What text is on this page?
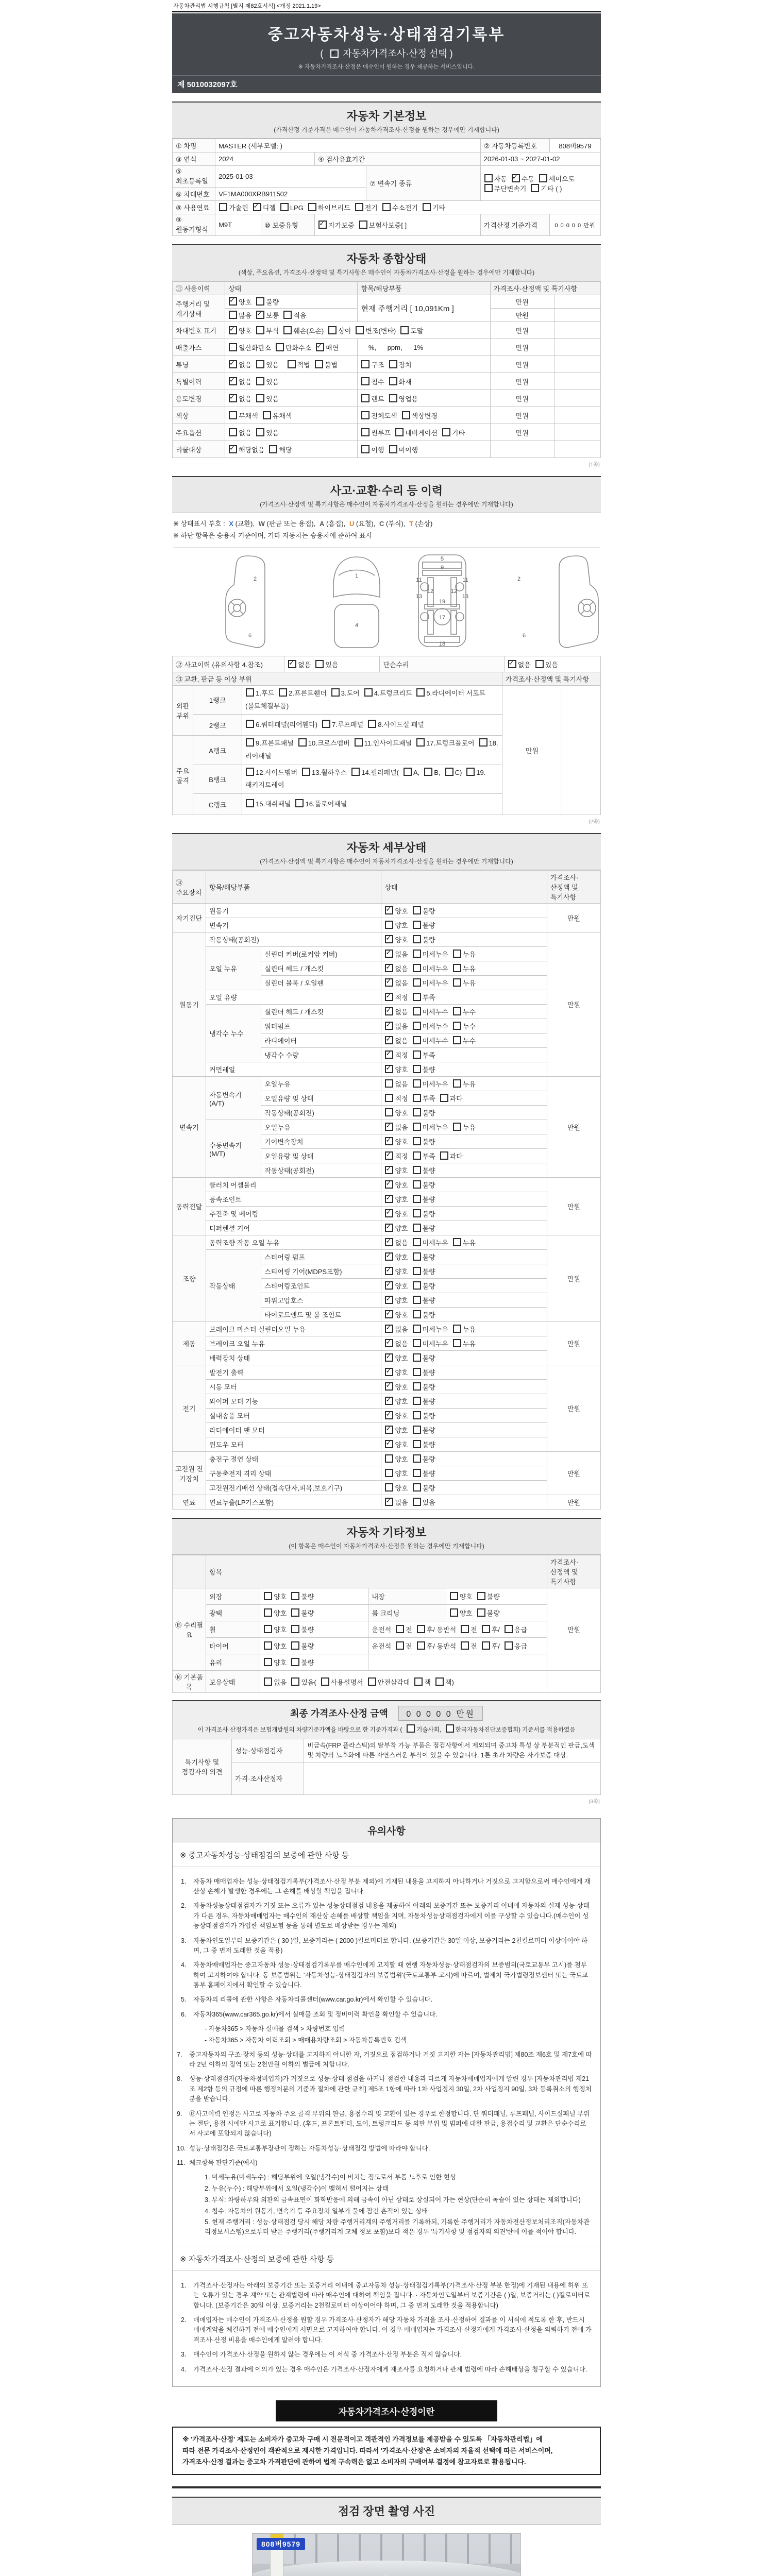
자동차관리법 시행규칙 [별지 제82호서식] <개정 2021.1.19>
중고자동차성능·상태점검기록부
( ✓ 자동차가격조사·산정 선택 )
※ 자동차가격조사·산정은 매수인이 원하는 경우 제공하는 서비스입니다.
제 5010032097호
자동차 기본정보
(가격산정 기준가격은 매수인이 자동차가격조사·산정을 원하는 경우에만 기재합니다)
① 차명	MASTER (세부모델: )				② 자동차등록번호	808버9579
③ 연식	2024		④ 검사유효기간		2026-01-03 ~ 2027-01-02	
⑤ 최초등록일	2025-01-03			⑦ 변속기 종류	자동 ✓ 수동 세미오토
무단변속기 기타 ( )

⑥ 차대번호	VF1MA000XRB911502					
⑧ 사용연료	가솔린 ✓ 디젤 LPG 하이브리드 전기 수소전기 기타
⑨ 원동기형식	M9T	⑩ 보증유형	✓자가보증 보험사보증[ ]		가격산정 기준가격	0 0 0 0 0 만원
자동차 종합상태
(색상, 주요옵션, 가격조사·산정액 및 특기사항은 매수인이 자동차가격조사·산정을 원하는 경우에만 기재합니다)
⑪ 사용이력	상태	항목/해당부품	가격조사·산정액 및 특기사항	
주행거리 및 계기상태	✓양호 불량	현재 주행거리 [ 10,091Km ]	만원	
	많음 ✓ 보통 적음		만원	
차대번호 표기	✓양호 부식 훼손(오손) 상이 변조(변타) 도말		만원	
배출가스	일산화탄소 탄화수소 ✓ 매연	%,      ppm,      1%	만원	
튜닝	✓없음 있음 적법 불법	구조 장치	만원	
특별이력	✓없음 있음	침수 화재	만원	
용도변경	✓없음 있음	렌트 영업용	만원	
색상	무채색 유채색	전체도색 색상변경	만원	
주요옵션	없음 있음	썬루프 네비게이션 기타	만원	
리콜대상	✓해당없음 해당	이행 미이행		
(1쪽)
사고·교환·수리 등 이력
(가격조사·산정액 및 특기사항은 매수인이 자동차가격조사·산정을 원하는 경우에만 기재합니다)
※ 상태표시 부호 : X (교환), W (판금 또는 용접), A (흠집), U (요철), C (부식), T (손상)
※ 하단 항목은 승용차 기준이며, 기타 자동차는 승용차에 준하여 표시
2
6
1
4
5
9
11	11
13	13
12	12
17
19
18
2
6
⑫ 사고이력 (유의사항 4.참조)	✓없음 있음	단순수리	✓없음 있음
⑬ 교환, 판금 등 이상 부위			가격조사·산정액 및 특기사항	
외판부위	1랭크	1.후드 2.프론트휀더 3.도어 4.트렁크리드 5.라디에이터 서포트(볼트체결부품)	만원	
	2랭크	6.쿼터패널(리어휀다) 7.루프패널 8.사이드실 패널		
주요골격	A랭크	9.프론트패널 10.크로스멤버 11.인사이드패널 17.트렁크플로어 18.리어패널		
	B랭크	12.사이드멤버 13.휠하우스 14.필러패널( A, B, C) 19.패키지트레이		
	C랭크	15.대쉬패널 16.플로어패널		
(2쪽)
자동차 세부상태
(가격조사·산정액 및 특기사항은 매수인이 자동차가격조사·산정을 원하는 경우에만 기재합니다)
⑭ 주요장치	항목/해당부품		상태	가격조사·산정액 및 특기사항
자기진단	원동기	✓양호 불량	만원
	변속기		양호 불량	
원동기	작동상태(공회전)	✓양호 불량	만원
	오일 누유	실린더 커버(로커암 커버)	✓없음 미세누유 누유
		실린더 헤드 / 개스킷	✓없음 미세누유 누유
		실린더 블록 / 오일팬	✓없음 미세누유 누유
	오일 유량	✓적정 부족
	냉각수 누수	실린더 헤드 / 개스킷	✓없음 미세누수 누수
		워터펌프	✓없음 미세누수 누수
		라디에이터	✓없음 미세누수 누수
		냉각수 수량	✓적정 부족
	커먼레일	✓양호 불량
변속기	자동변속기 (A/T)	오일누유	없음 미세누유 누유	만원
		오일유량 및 상태	적정 부족 과다	
		작동상태(공회전)	양호 불량	
	수동변속기 (M/T)	오일누유	✓없음 미세누유 누유
		기어변속장치	✓양호 불량
		오일유량 및 상태	✓적정 부족 과다
		작동상태(공회전)	✓양호 불량
동력전달	클러치 어셈블리	✓양호 불량	만원
	등속조인트	✓양호 불량
	추진축 및 베어링	✓양호 불량
	디퍼렌셜 기어	✓양호 불량
조향	동력조향 작동 오일 누유	✓없음 미세누유 누유	만원
	작동상태	스티어링 펌프	✓양호 불량
		스티어링 기어(MDPS포함)	✓양호 불량
		스티어링조인트	✓양호 불량
		파워고압호스	✓양호 불량
		타이로드엔드 및 볼 조인트	✓양호 불량
제동	브레이크 마스터 실린더오일 누유	✓없음 미세누유 누유	만원
	브레이크 오일 누유	✓없음 미세누유 누유
	배력장치 상태	✓양호 불량
전기	발전기 출력	✓양호 불량	만원
	시동 모터	✓양호 불량
	와이퍼 모터 기능	✓양호 불량
	실내송풍 모터	✓양호 불량
	라디에이터 팬 모터	✓양호 불량
	윈도우 모터	✓양호 불량
고전원 전기장치	충전구 절연 상태		양호 불량	만원
	구동축전지 격리 상태		양호 불량	
	고전원전기배선 상태(접속단자,피복,보호기구)		양호 불량	
연료	연료누출(LP가스포함)	✓없음 있음	만원
자동차 기타정보
(이 항목은 매수인이 자동차가격조사·산정을 원하는 경우에만 기재합니다)
	항목				가격조사·산정액 및 특기사항
⑮ 수리필요	외장	양호 불량	내장	양호 불량	만원
	광택	양호 불량	룸 크리닝	양호 불량	
	휠	양호 불량	운전석 전 후/ 동반석 전 후/ 응급		
	타이어	양호 불량	운전석 전 후/ 동반석 전 후/ 응급		
	유리	양호 불량			
⑯ 기본품목	보유상태	없음 있음( 사용설명서 안전삼각대 잭 잭)			
최종 가격조사·산정 금액 0 0 0 0 0 만원
이 가격조사·산정가격은 보험개발원의 차량기준가액을 바탕으로 한 기준가격과 ( 기술사회, 한국자동차진단보증협회) 기준서를 적용하였음
특기사항 및 점검자의 의견	성능·상태점검자	비금속(FRP 플라스틱)의 탈부착 가능 부품은 점검사항에서 제외되며 중고차 특성 상 부분적인 판금,도색 및 차량의 노후화에 따른 자연스러운 부식이 있을 수 있습니다. 1톤 초과 차량은 자가보증 대상.
	가격·조사산정자	
(3쪽)
유의사항
※ 중고자동차성능·상태점검의 보증에 관한 사항 등
1.	자동차 매매업자는 성능·상태점검기록부(가격조사·산정 부분 제외)에 기재된 내용을 고지하지 아니하거나 거짓으로 고지함으로써 매수인에게 재산상 손해가 발생한 경우에는 그 손해를 배상할 책임을 집니다.
2.	자동차성능상태점검자가 거짓 또는 오류가 있는 성능상태점검 내용을 제공하여 아래의 보증기간 또는 보증거리 이내에 자동차의 실제 성능·상태가 다른 경우, 자동차매매업자는 매수인의 재산상 손해를 배상할 책임을 지며, 자동차성능상태점검자에게 이를 구상할 수 있습니다.(매수인이 성능상태점검자가 가입한 책임보험 등을 통해 별도로 배상받는 경우는 제외)
3.	자동차인도일부터 보증기간은 ( 30 )일, 보증거리는 ( 2000 )킬로미터로 합니다. (보증기간은 30일 이상, 보증거리는 2천킬로미터 이상이어야 하며, 그 중 먼저 도래한 것을 적용)
4.	자동차매매업자는 중고자동차 성능·상태점검기록부를 매수인에게 고지할 때 현행 자동차성능·상태점검자의 보증범위(국토교통부 고시)를 첨부하여 고지하여야 합니다. 동 보증범위는 '자동차성능·상태점검자의 보증범위'(국토교통부 고시)에 따르며, 법제처 국가법령정보센터 또는 국토교통부 홈페이지에서 확인할 수 있습니다.
5.	자동차의 리콜에 관한 사항은 자동차리콜센터(www.car.go.kr)에서 확인할 수 있습니다.
6.	자동차365(www.car365.go.kr)에서 실매물 조회 및 정비이력 확인을 확인할 수 있습니다.
- 자동차365 > 자동차 실매물 검색 > 차량번호 입력
- 자동차365 > 자동차 이력조회 > 매매용차량조회 > 자동차등록번호 검색
7.	중고자동차의 구조·장치 등의 성능·상태를 고지하지 아니한 자, 거짓으로 점검하거나 거짓 고지한 자는 [자동차관리법] 제80조 제6호 및 제7호에 따라 2년 이하의 징역 또는 2천만원 이하의 벌금에 처합니다.
8.	성능·상태점검자(자동차정비업자)가 거짓으로 성능·상태 점검을 하거나 점검한 내용과 다르게 자동차매매업자에게 알린 경우 [자동차관리법 제21조 제2항 등의 규정에 따른 행정처분의 기준과 절차에 관한 규칙] 제5조 1항에 따라 1차 사업정지 30일, 2차 사업정지 90일, 3차 등록취소의 행정처분을 받습니다.
9.	⑫사고이력 인정은 사고로 자동차 주요 골격 부위의 판금, 용접수리 및 교환이 있는 경우로 한정합니다. 단 쿼터패널, 루프패널, 사이드실패널 부위는 절단, 용접 시에만 사고로 표기합니다. (후드, 프론트펜더, 도어, 트렁크리드 등 외판 부위 및 범퍼에 대한 판금, 용접수리 및 교환은 단순수리로서 사고에 포함되지 않습니다)
10. 성능·상태점검은 국토교통부장관이 정하는 자동차성능·상태점검 방법에 따라야 합니다.
11. 체크항목 판단기준(예시)
1. 미세누유(미세누수) : 해당부위에 오일(냉각수)이 비치는 정도로서 부품 노후로 인한 현상
2. 누유(누수) : 해당부위에서 오일(냉각수)이 맺혀서 떨어지는 상태
3. 부식: 차량하부와 외판의 금속표면이 화학반응에 의해 금속이 아닌 상태로 상실되어 가는 현상(단순히 녹슬어 있는 상태는 제외합니다)
4. 침수: 자동차의 원동기, 변속기 등 주요장치 일부가 물에 잠긴 흔적이 있는 상태
5. 현재 주행거리 : 성능·상태점검 당시 해당 차량 주행거리계의 주행거리를 기록하되, 기록한 주행거리가 자동차전산정보처리조직(자동차관리정보시스템)으로부터 받은 주행거리(주행거리계 교체 정보 포함)보다 적은 경우 '특기사항 및 점검자의 의견'란에 이를 적어야 합니다.
※ 자동차가격조사·산정의 보증에 관한 사항 등
1.	가격조사·산정자는 아래의 보증기간 또는 보증거리 이내에 중고자동차 성능·상태점검기록부(가격조사·산정 부분 한정)에 기재된 내용에 허위 또는 오류가 있는 경우 계약 또는 관계법령에 따라 매수인에 대하여 책임을 집니다. · 자동차인도일부터 보증기간은 ( )일, 보증거리는 ( )킬로미터로 합니다. (보증기간은 30일 이상, 보증거리는 2천킬로미터 이상이어야 하며, 그 중 먼저 도래한 것을 적용합니다)
2.	매매업자는 매수인이 가격조사·산정을 원할 경우 가격조사·산정자가 해당 자동차 가격을 조사·산정하여 결과를 이 서식에 적도록 한 후, 반드시 매매계약을 체결하기 전에 매수인에게 서면으로 고지하여야 합니다. 이 경우 매매업자는 가격조사·산정자에게 가격조사·산정을 의뢰하기 전에 가격조사·산정 비용을 매수인에게 알려야 합니다.
3.	매수인이 가격조사·산정을 원하지 않는 경우에는 이 서식 중 가격조사·산정 부분은 적지 않습니다.
4.	가격조사·산정 결과에 이의가 있는 경우 매수인은 가격조사·산정자에게 재조사를 요청하거나 관계 법령에 따라 손해배상을 청구할 수 있습니다.
자동차가격조사·산정이란
※ '가격조사·산정' 제도는 소비자가 중고차 구매 시 전문적이고 객관적인 가격정보를 제공받을 수 있도록 「자동차관리법」에
따라 전문 가격조사·산정인이 객관적으로 제시한 가격입니다. 따라서 '가격조사·산정'은 소비자의 자율적 선택에 따른 서비스이며,
가격조사·산정 결과는 중고차 가격판단에 관하여 법적 구속력은 없고 소비자의 구매여부 결정에 참고자료로 활용됩니다.
점검 장면 촬영 사진
808버9579
